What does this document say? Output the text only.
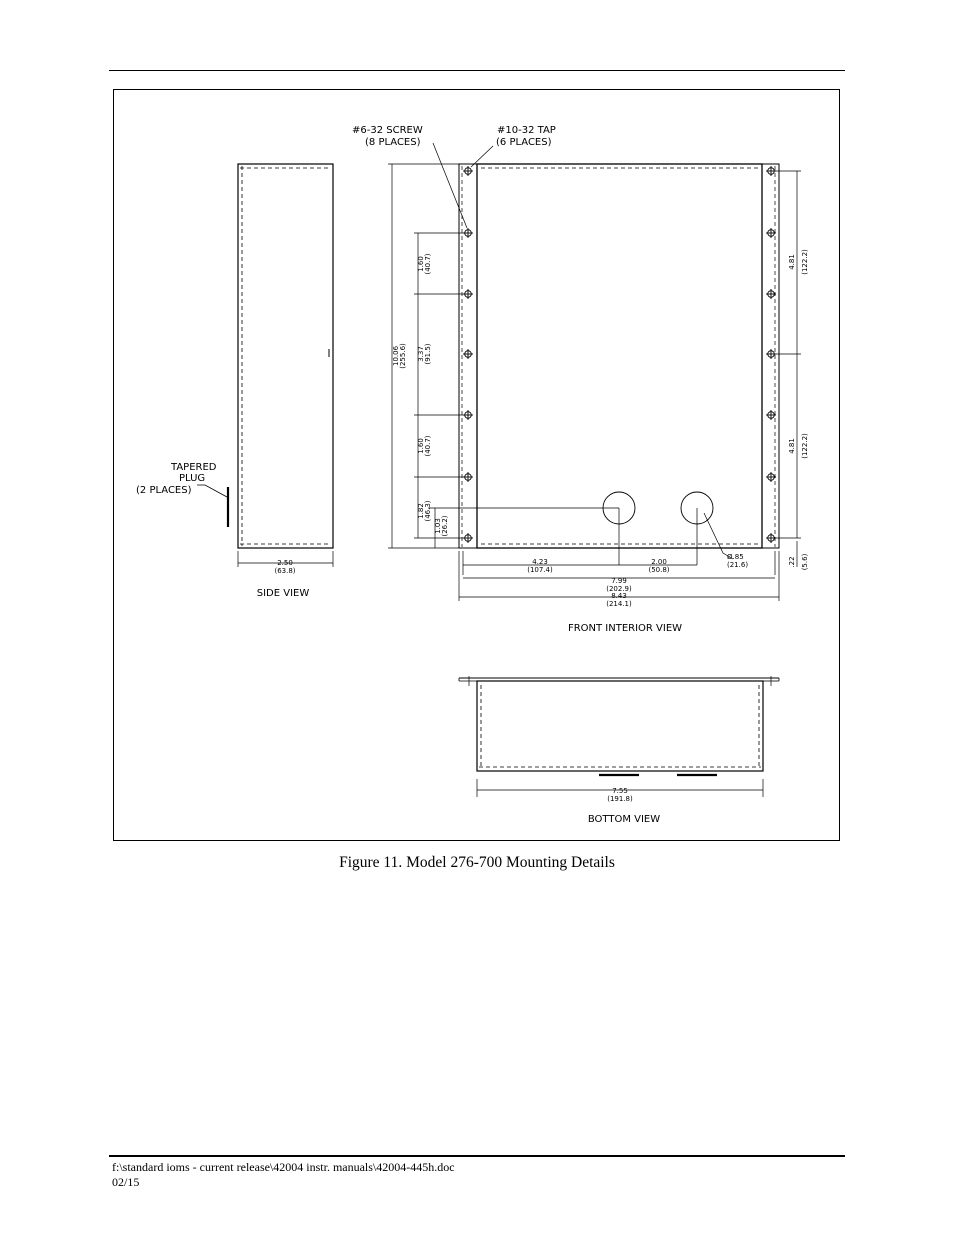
TAPERED
PLUG
(2 PLACES)
2.50
(63.8)
SIDE VIEW
#6-32 SCREW
(8 PLACES)
#10-32 TAP
(6 PLACES)
10.06 (255.6)
1.60 (40.7)
3.37 (91.5)
1.60 (40.7)
1.82 (46.3)
1.03 (26.2)
4.81 (122.2)
4.81 (122.2)
.22 (5.6)
4.23
(107.4)
2.00
(50.8)
Ø.85
(21.6)
7.99
(202.9)
8.43
(214.1)
FRONT INTERIOR VIEW
7.55
(191.8)
BOTTOM VIEW
Figure 11. Model 276-700 Mounting Details
f:\standard ioms - current release\42004 instr. manuals\42004-445h.doc
02/15
